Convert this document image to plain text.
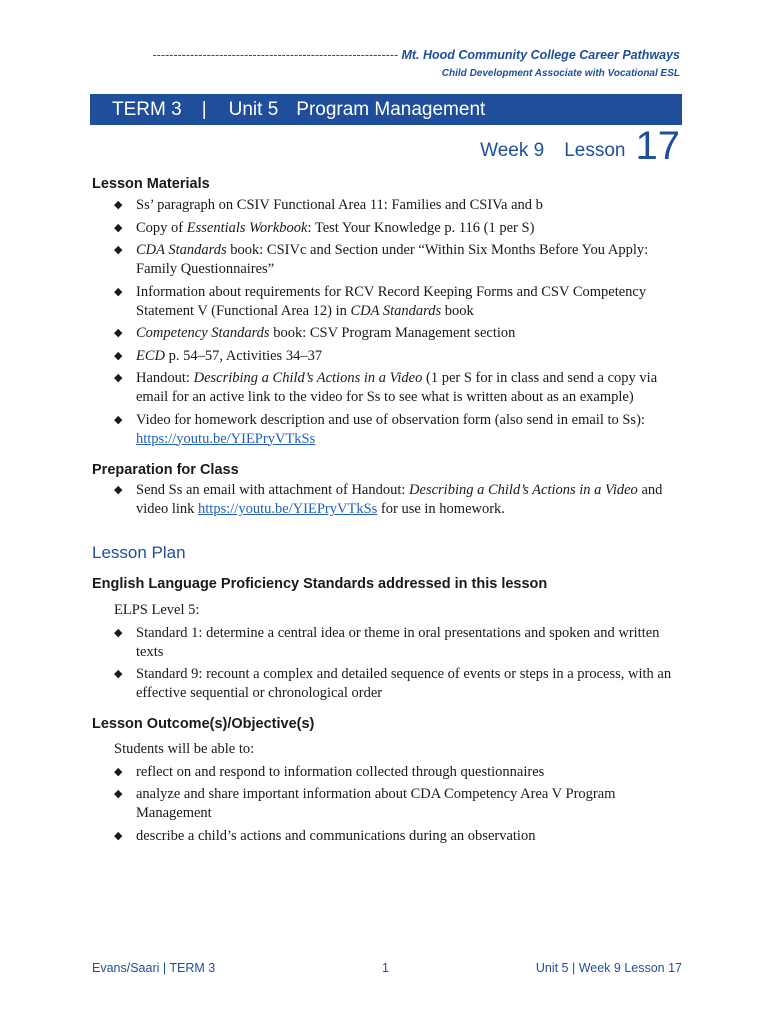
----------------------------------------------------------- Mt. Hood Community College Career Pathways
Child Development Associate with Vocational ESL
TERM 3 | Unit 5 Program Management
Week 9 Lesson 17
Lesson Materials
◆ Ss’ paragraph on CSIV Functional Area 11: Families and CSIVa and b
◆ Copy of Essentials Workbook: Test Your Knowledge p. 116 (1 per S)
◆ CDA Standards book: CSIVc and Section under “Within Six Months Before You Apply: Family Questionnaires”
◆ Information about requirements for RCV Record Keeping Forms and CSV Competency Statement V (Functional Area 12) in CDA Standards book
◆ Competency Standards book: CSV Program Management section
◆ ECD p. 54–57, Activities 34–37
◆ Handout: Describing a Child’s Actions in a Video (1 per S for in class and send a copy via email for an active link to the video for Ss to see what is written about as an example)
◆ Video for homework description and use of observation form (also send in email to Ss): https://youtu.be/YIEPryVTkSs
Preparation for Class
◆ Send Ss an email with attachment of Handout: Describing a Child’s Actions in a Video and video link https://youtu.be/YIEPryVTkSs for use in homework.
Lesson Plan
English Language Proficiency Standards addressed in this lesson
ELPS Level 5:
◆ Standard 1: determine a central idea or theme in oral presentations and spoken and written texts
◆ Standard 9: recount a complex and detailed sequence of events or steps in a process, with an effective sequential or chronological order
Lesson Outcome(s)/Objective(s)
Students will be able to:
◆ reflect on and respond to information collected through questionnaires
◆ analyze and share important information about CDA Competency Area V Program Management
◆ describe a child’s actions and communications during an observation
Evans/Saari | TERM 3	1	Unit 5 | Week 9 Lesson 17
